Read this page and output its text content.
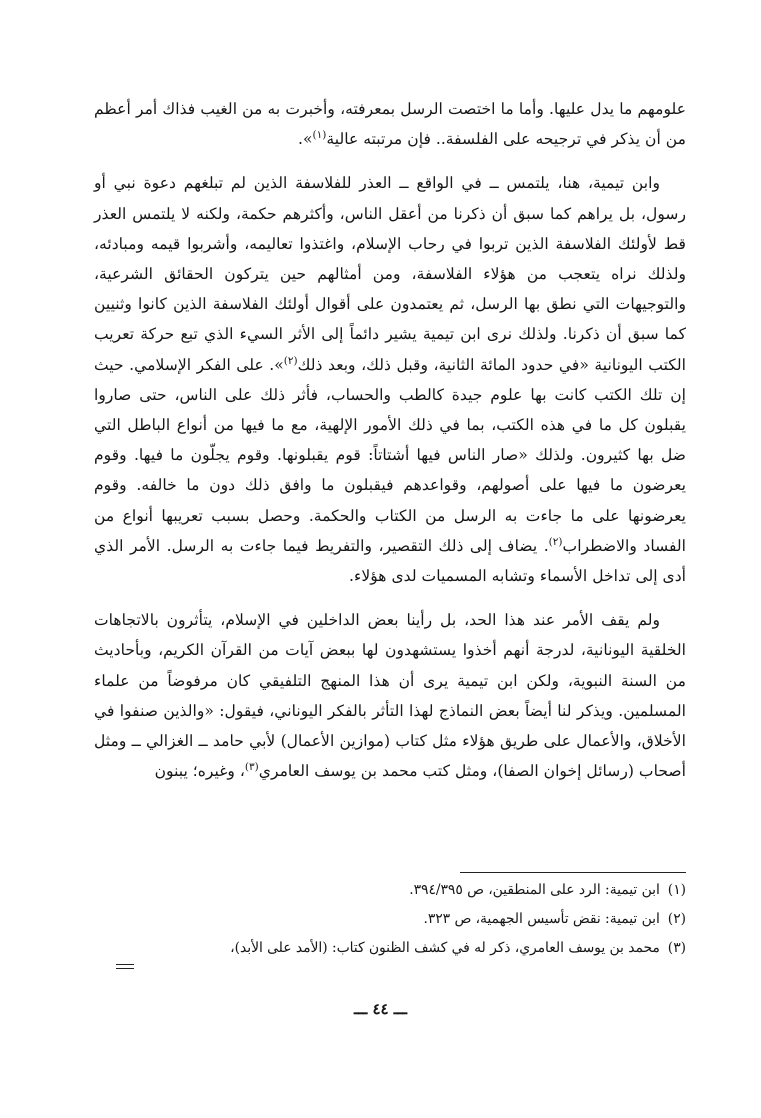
علومهم ما يدل عليها. وأما ما اختصت الرسل بمعرفته، وأخبرت به من الغيب فذاك أمر أعظم من أن يذكر في ترجيحه على الفلسفة.. فإن مرتبته عالية$^{(١)}$».

وابن تيمية، هنا، يلتمس ــ في الواقع ــ العذر للفلاسفة الذين لم تبلغهم دعوة نبي أو رسول، بل يراهم كما سبق أن ذكرنا من أعقل الناس، وأكثرهم حكمة، ولكنه لا يلتمس العذر قط لأولئك الفلاسفة الذين تربوا في رحاب الإسلام، واغتذوا تعاليمه، وأشربوا قيمه ومبادئه، ولذلك نراه يتعجب من هؤلاء الفلاسفة، ومن أمثالهم حين يتركون الحقائق الشرعية، والتوجيهات التي نطق بها الرسل، ثم يعتمدون على أقوال أولئك الفلاسفة الذين كانوا وثنيين كما سبق أن ذكرنا. ولذلك نرى ابن تيمية يشير دائماً إلى الأثر السيء الذي تبع حركة تعريب الكتب اليونانية «في حدود المائة الثانية، وقبل ذلك، وبعد ذلك$^{(٢)}$». على الفكر الإسلامي. حيث إن تلك الكتب كانت بها علوم جيدة كالطب والحساب، فأثر ذلك على الناس، حتى صاروا يقبلون كل ما في هذه الكتب، بما في ذلك الأمور الإلهية، مع ما فيها من أنواع الباطل التي ضل بها كثيرون. ولذلك «صار الناس فيها أشتاتاً: قوم يقبلونها. وقوم يجلّون ما فيها. وقوم يعرضون ما فيها على أصولهم، وقواعدهم فيقبلون ما وافق ذلك دون ما خالفه. وقوم يعرضونها على ما جاءت به الرسل من الكتاب والحكمة. وحصل بسبب تعريبها أنواع من الفساد والاضطراب$^{(٢)}$. يضاف إلى ذلك التقصير، والتفريط فيما جاءت به الرسل. الأمر الذي أدى إلى تداخل الأسماء وتشابه المسميات لدى هؤلاء.

ولم يقف الأمر عند هذا الحد، بل رأينا بعض الداخلين في الإسلام، يتأثرون بالاتجاهات الخلقية اليونانية، لدرجة أنهم أخذوا يستشهدون لها ببعض آيات من القرآن الكريم، وبأحاديث من السنة النبوية، ولكن ابن تيمية يرى أن هذا المنهج التلفيقي كان مرفوضاً من علماء المسلمين. ويذكر لنا أيضاً بعض النماذج لهذا التأثر بالفكر اليوناني، فيقول: «والذين صنفوا في الأخلاق، والأعمال على طريق هؤلاء مثل كتاب (موازين الأعمال) لأبي حامد ــ الغزالي ــ ومثل أصحاب (رسائل إخوان الصفا)، ومثل كتب محمد بن يوسف العامري$^{(٣)}$، وغيره؛ يبنون

(١)ابن تيمية: الرد على المنطقين، ص ٣٩٤/٣٩٥.
(٢)ابن تيمية: نقض تأسيس الجهمية، ص ٣٢٣.
(٣)محمد بن يوسف العامري، ذكر له في كشف الظنون كتاب: (الأمد على الأبد)،
ـــ ٤٤ ـــ
